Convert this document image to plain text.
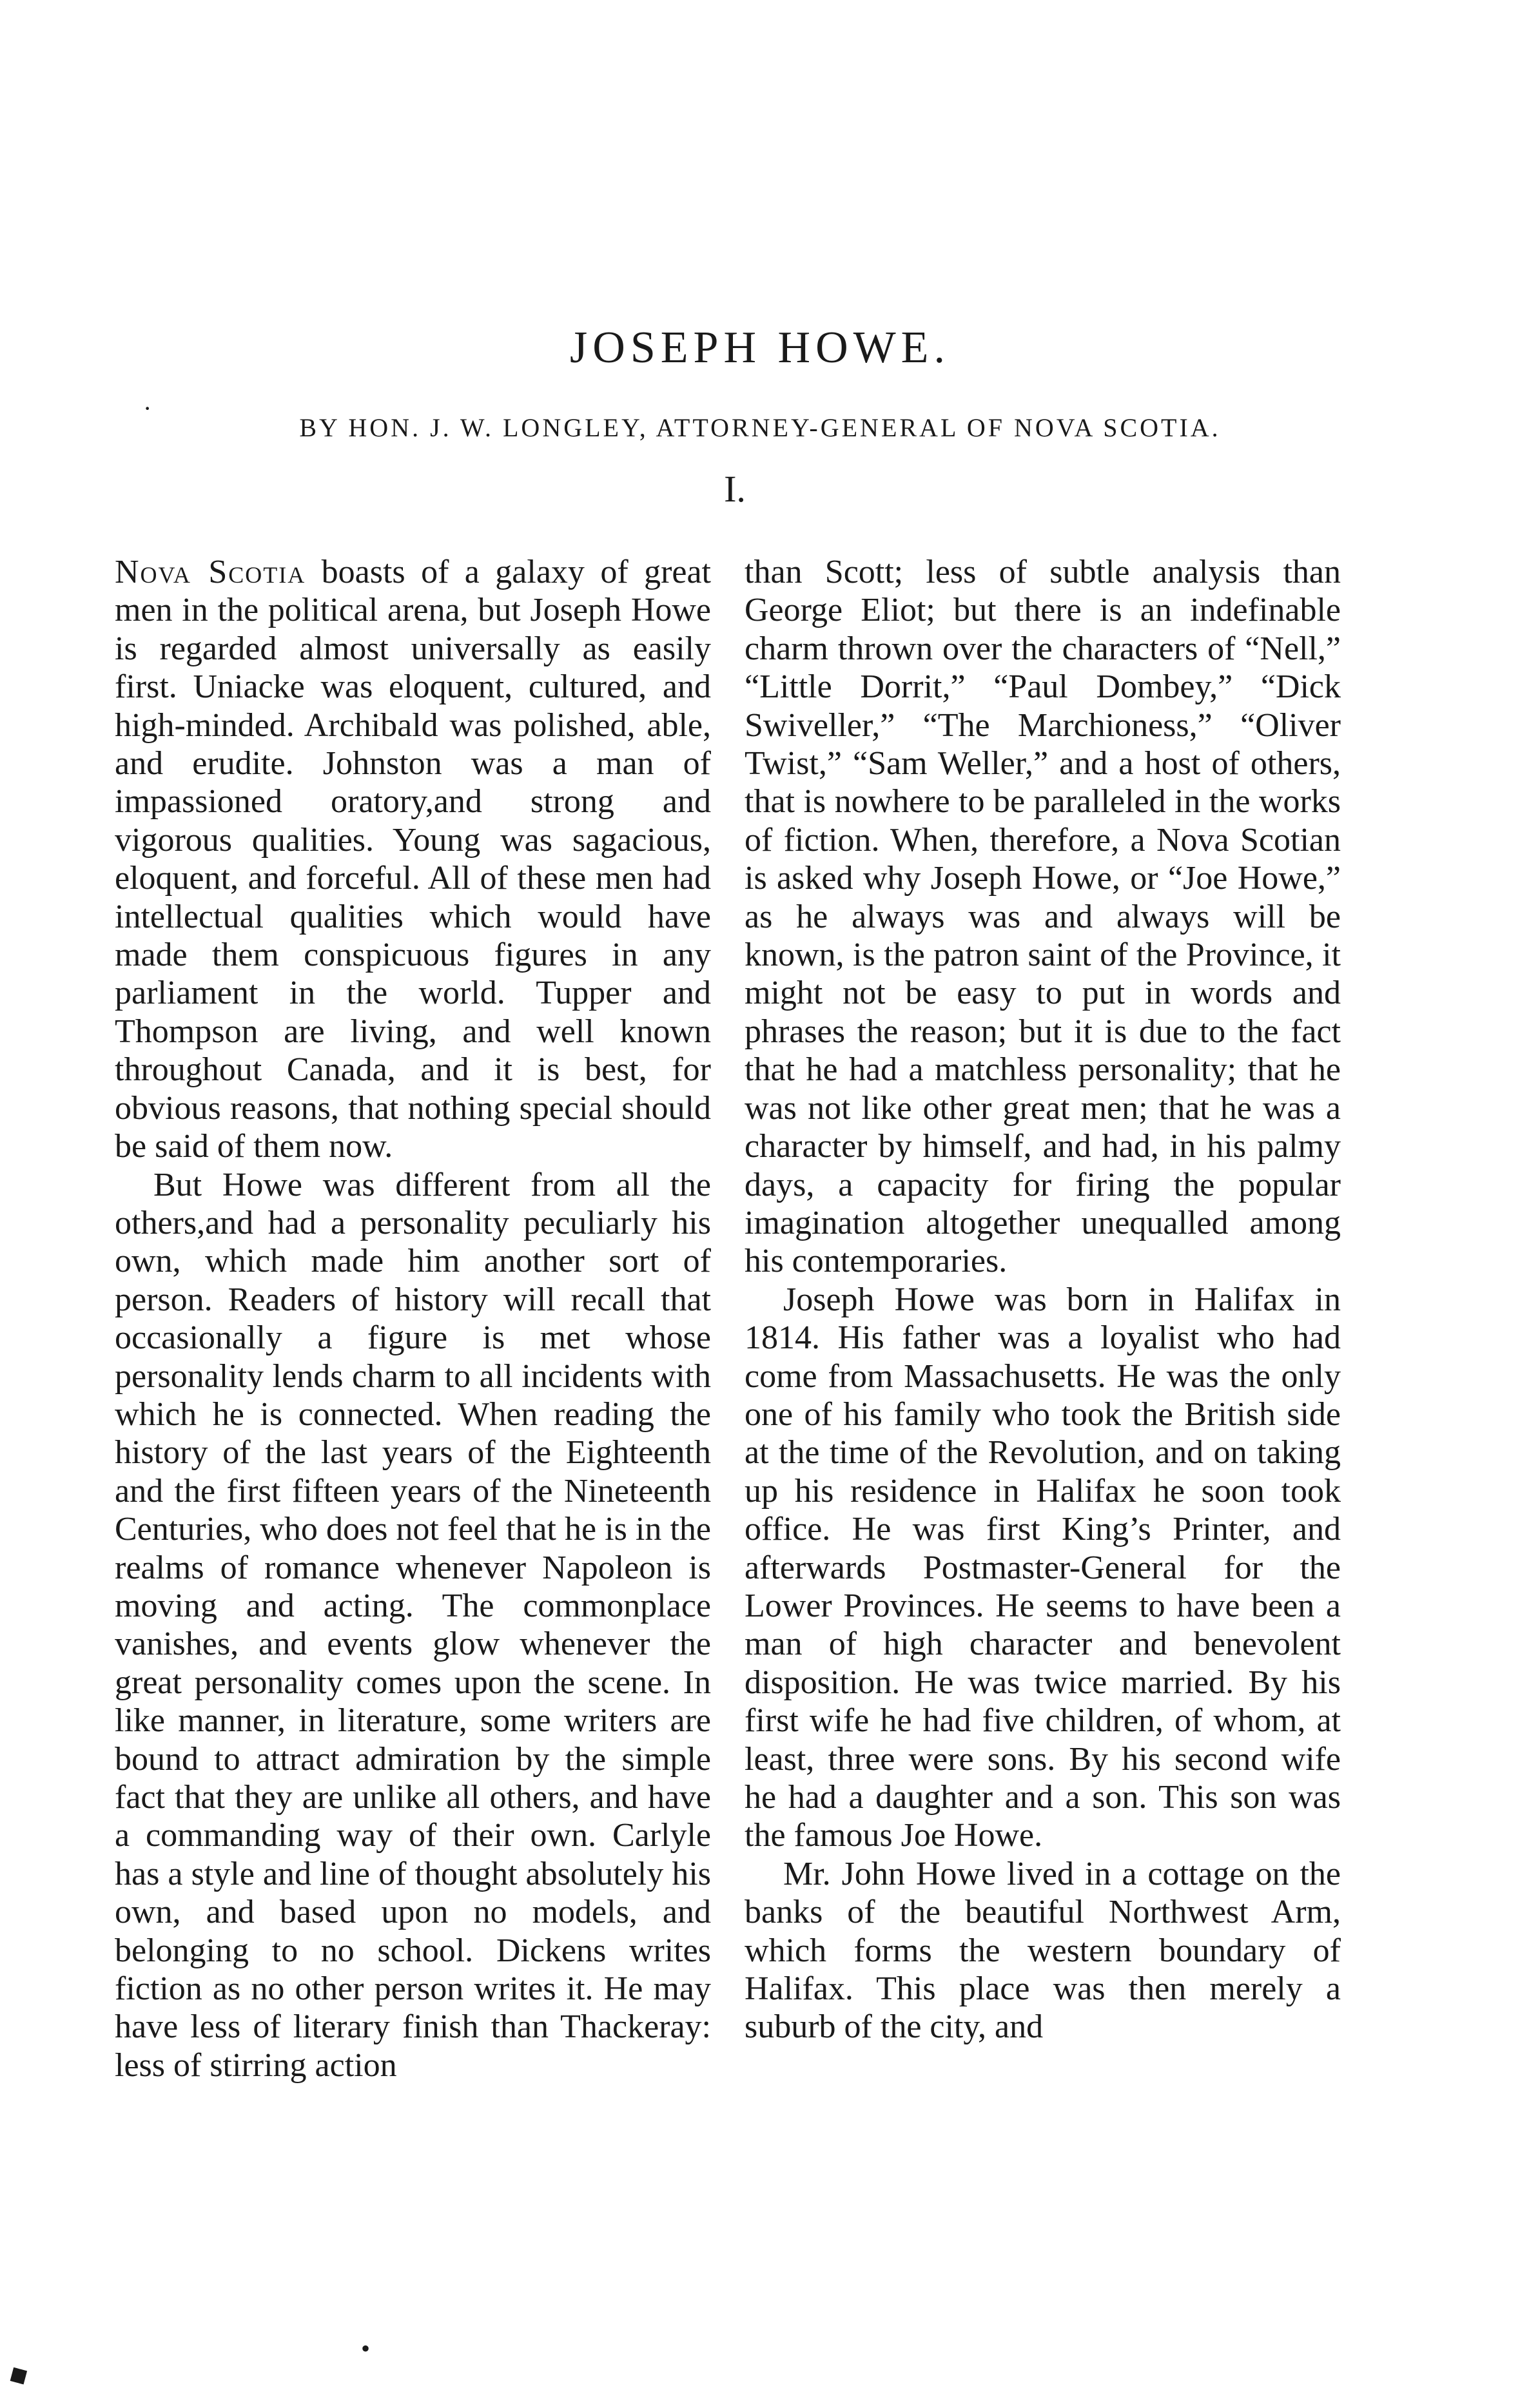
JOSEPH HOWE.
BY HON. J. W. LONGLEY, ATTORNEY-GENERAL OF NOVA SCOTIA.
I.

Nova Scotia boasts of a galaxy of great men in the political arena, but Joseph Howe is regarded almost universally as easily first. Uniacke was eloquent, cultured, and high-minded. Archibald was polished, able, and erudite. Johnston was a man of impassioned oratory,and strong and vigorous qualities. Young was sagacious, eloquent, and forceful. All of these men had intellectual qualities which would have made them conspicuous figures in any parliament in the world. Tupper and Thompson are living, and well known throughout Canada, and it is best, for obvious reasons, that nothing special should be said of them now.

But Howe was different from all the others,and had a personality peculiarly his own, which made him another sort of person. Readers of history will recall that occasionally a figure is met whose personality lends charm to all incidents with which he is connected. When reading the history of the last years of the Eighteenth and the first fifteen years of the Nineteenth Centuries, who does not feel that he is in the realms of romance whenever Napoleon is moving and acting. The commonplace vanishes, and events glow whenever the great personality comes upon the scene. In like manner, in literature, some writers are bound to attract admiration by the simple fact that they are unlike all others, and have a commanding way of their own. Carlyle has a style and line of thought absolutely his own, and based upon no models, and belonging to no school. Dickens writes fiction as no other person writes it. He may have less of literary finish than Thackeray: less of stirring action

than Scott; less of subtle analysis than George Eliot; but there is an indefinable charm thrown over the characters of “Nell,” “Little Dorrit,” “Paul Dombey,” “Dick Swiveller,” “The Marchioness,” “Oliver Twist,” “Sam Weller,” and a host of others, that is nowhere to be paralleled in the works of fiction. When, therefore, a Nova Scotian is asked why Joseph Howe, or “Joe Howe,” as he always was and always will be known, is the patron saint of the Province, it might not be easy to put in words and phrases the reason; but it is due to the fact that he had a matchless personality; that he was not like other great men; that he was a character by himself, and had, in his palmy days, a capacity for firing the popular imagination altogether unequalled among his contemporaries.

Joseph Howe was born in Halifax in 1814. His father was a loyalist who had come from Massachusetts. He was the only one of his family who took the British side at the time of the Revolution, and on taking up his residence in Halifax he soon took office. He was first King’s Printer, and afterwards Postmaster-General for the Lower Provinces. He seems to have been a man of high character and benevolent disposition. He was twice married. By his first wife he had five children, of whom, at least, three were sons. By his second wife he had a daughter and a son. This son was the famous Joe Howe.

Mr. John Howe lived in a cottage on the banks of the beautiful Northwest Arm, which forms the western boundary of Halifax. This place was then merely a suburb of the city, and

·
•
◆
